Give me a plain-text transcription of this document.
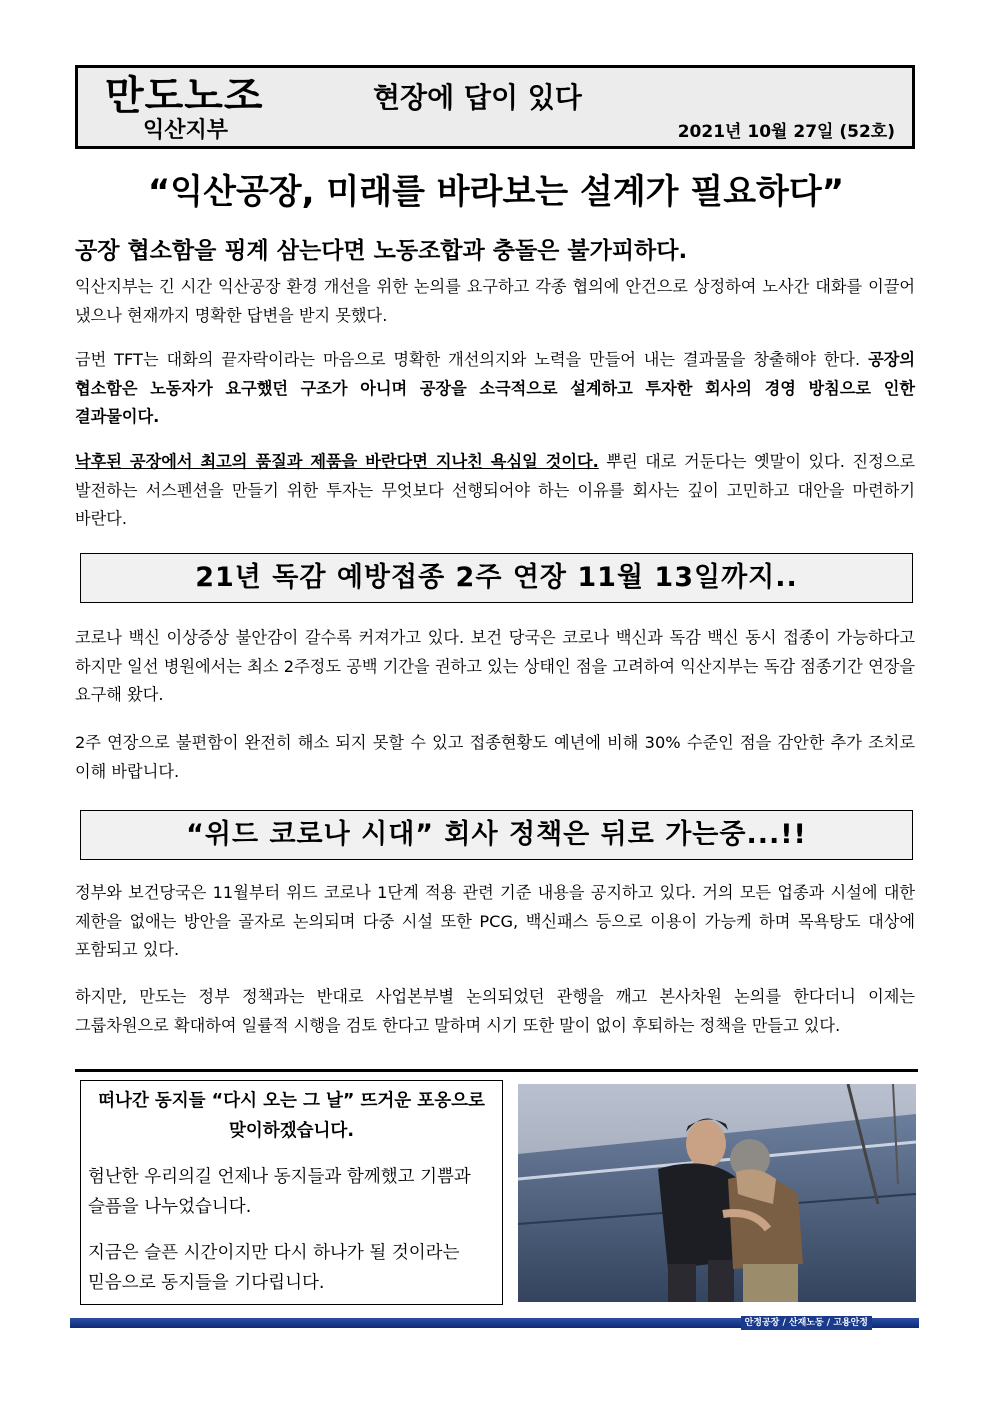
만도노조
익산지부
현장에 답이 있다
2021년 10월 27일 (52호)
“익산공장, 미래를 바라보는 설계가 필요하다”
공장 협소함을 핑계 삼는다면 노동조합과 충돌은 불가피하다.
익산지부는 긴 시간 익산공장 환경 개선을 위한 논의를 요구하고 각종 협의에 안건으로 상정하여 노사간 대화를 이끌어 냈으나 현재까지 명확한 답변을 받지 못했다.
금번 TFT는 대화의 끝자락이라는 마음으로 명확한 개선의지와 노력을 만들어 내는 결과물을 창출해야 한다. 공장의 협소함은 노동자가 요구했던 구조가 아니며 공장을 소극적으로 설계하고 투자한 회사의 경영 방침으로 인한 결과물이다.
낙후된 공장에서 최고의 품질과 제품을 바란다면 지나친 욕심일 것이다. 뿌린 대로 거둔다는 옛말이 있다. 진정으로 발전하는 서스펜션을 만들기 위한 투자는 무엇보다 선행되어야 하는 이유를 회사는 깊이 고민하고 대안을 마련하기 바란다.
21년 독감 예방접종 2주 연장 11월 13일까지..
코로나 백신 이상증상 불안감이 갈수록 커져가고 있다. 보건 당국은 코로나 백신과 독감 백신 동시 접종이 가능하다고 하지만 일선 병원에서는 최소 2주정도 공백 기간을 권하고 있는 상태인 점을 고려하여 익산지부는 독감 점종기간 연장을 요구해 왔다.
2주 연장으로 불편함이 완전히 해소 되지 못할 수 있고 접종현황도 예년에 비해 30% 수준인 점을 감안한 추가 조치로 이해 바랍니다.
“위드 코로나 시대” 회사 정책은 뒤로 가는중...!!
정부와 보건당국은 11월부터 위드 코로나 1단계 적용 관련 기준 내용을 공지하고 있다. 거의 모든 업종과 시설에 대한 제한을 없애는 방안을 골자로 논의되며 다중 시설 또한 PCG, 백신패스 등으로 이용이 가능케 하며 목욕탕도 대상에 포함되고 있다.
하지만, 만도는 정부 정책과는 반대로 사업본부별 논의되었던 관행을 깨고 본사차원 논의를 한다더니 이제는 그룹차원으로 확대하여 일률적 시행을 검토 한다고 말하며 시기 또한 말이 없이 후퇴하는 정책을 만들고 있다.
떠나간 동지들 “다시 오는 그 날” 뜨거운 포옹으로 맞이하겠습니다.
험난한 우리의길 언제나 동지들과 함께했고 기쁨과 슬픔을 나누었습니다.
지금은 슬픈 시간이지만 다시 하나가 될 것이라는 믿음으로 동지들을 기다립니다.
안정공장 / 산재노동 / 고용안정
